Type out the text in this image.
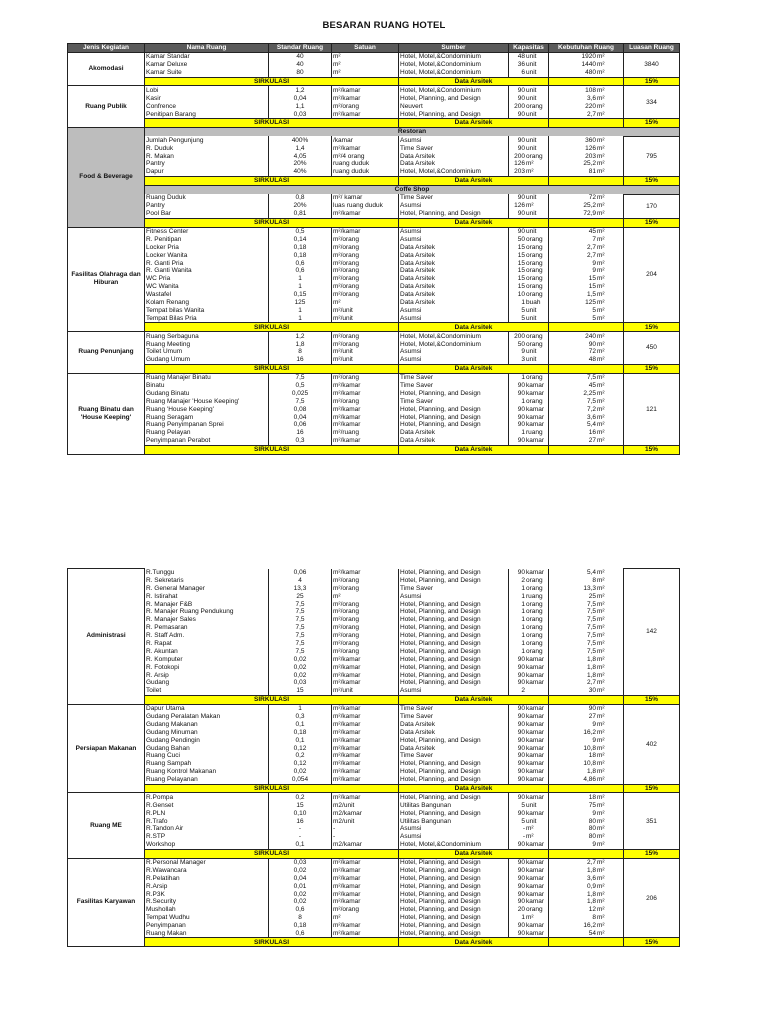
BESARAN RUANG HOTEL
Jenis Kegiatan	Nama Ruang	Standar Ruang	Satuan	Sumber	Kapasitas	Kebutuhan Ruang	Luasan Ruang	
Akomodasi	Kamar Standar	40	m²	Hotel, Motel,&Condominium	48unit	1920m²	3840	
	Kamar Deluxe	40	m²	Hotel, Motel,&Condominium	36unit	1440m²		
	Kamar Suite	80	m²	Hotel, Motel,&Condominium	6unit	480m²		
	SIRKULASI			Data Arsitek			15%	
Ruang Publik	Lobi	1,2	m²/kamar	Hotel, Motel,&Condominium	90unit	108m²	334	
	Kasir	0,04	m²/kamar	Hotel, Planning, and Design	90unit	3,6m²		
	Confrence	1,1	m²/orang	Neuvert	200orang	220m²		
	Penitipan Barang	0,03	m²/kamar	Hotel, Planning, and Design	90unit	2,7m²		
	SIRKULASI			Data Arsitek			15%	
Food & Beverage	Restoran							
	Jumlah Pengunjung	400%	/kamar	Asumsi	90unit	360m²	795	
	R. Duduk	1,4	m²/kamar	Time Saver	90unit	126m²		
	R. Makan	4,05	m²/4 orang	Data Arsitek	200orang	203m²		
	Pantry	20%	ruang duduk	Data Arsitek	126m²	25,2m²		
	Dapur	40%	ruang duduk	Hotel, Motel,&Condominium	203m²	81m²		
	SIRKULASI			Data Arsitek			15%	
	Coffe Shop							
	Ruang Duduk	0,8	m²/ kamar	Time Saver	90unit	72m²	170	
	Pantry	20%	luas ruang duduk	Asumsi	126m²	25,2m²		
	Pool Bar	0,81	m²/kamar	Hotel, Planning, and Design	90unit	72,9m²		
	SIRKULASI			Data Arsitek			15%	
Fasilitas Olahraga dan Hiburan	Fitness Center	0,5	m²/kamar	Asumsi	90unit	45m²	204	
	R. Penitipan	0,14	m²/orang	Asumsi	50orang	7m²		
	Locker Pria	0,18	m²/orang	Data Arsitek	15orang	2,7m²		
	Locker Wanita	0,18	m²/orang	Data Arsitek	15orang	2,7m²		
	R. Ganti Pria	0,6	m²/orang	Data Arsitek	15orang	9m²		
	R. Ganti Wanita	0,6	m²/orang	Data Arsitek	15orang	9m²		
	WC Pria	1	m²/orang	Data Arsitek	15orang	15m²		
	WC Wanita	1	m²/orang	Data Arsitek	15orang	15m²		
	Wastafel	0,15	m²/orang	Data Arsitek	10orang	1,5m²		
	Kolam Renang	125	m²	Data Arsitek	1buah	125m²		
	Tempat bilas Wanita	1	m²/unit	Asumsi	5unit	5m²		
	Tempat Bilas Pria	1	m²/unit	Asumsi	5unit	5m²		
	SIRKULASI			Data Arsitek			15%	
Ruang Penunjang	Ruang Serbaguna	1,2	m²/orang	Hotel, Motel,&Condominium	200orang	240m²	450	
	Ruang Meeting	1,8	m²/orang	Hotel, Motel,&Condominium	50orang	90m²		
	Toilet Umum	8	m²/unit	Asumsi	9unit	72m²		
	Gudang Umum	16	m²/unit	Asumsi	3unit	48m²		
	SIRKULASI			Data Arsitek			15%	
Ruang Binatu dan 'House Keeping'	Ruang Manajer Binatu	7,5	m²/orang	Time Saver	1orang	7,5m²	121	
	Binatu	0,5	m²/kamar	Time Saver	90kamar	45m²		
	Gudang Binatu	0,025	m²/kamar	Hotel, Planning, and Design	90kamar	2,25m²		
	Ruang Manajer 'House Keeping'	7,5	m²/orang	Time Saver	1orang	7,5m²		
	Ruang 'House Keeping'	0,08	m²/kamar	Hotel, Planning, and Design	90kamar	7,2m²		
	Ruang Seragam	0,04	m²/kamar	Hotel, Planning, and Design	90kamar	3,6m²		
	Ruang Penyimpanan Sprei	0,06	m²/kamar	Hotel, Planning, and Design	90kamar	5,4m²		
	Ruang Pelayan	16	m²/ruang	Data Arsitek	1ruang	16m²		
	Penyimpanan Perabot	0,3	m²/kamar	Data Arsitek	90kamar	27m²		
	SIRKULASI			Data Arsitek			15%	
Administrasi	R.Tunggu	0,06	m²/kamar	Hotel, Planning, and Design	90kamar	5,4m²	142	
	R. Sekretaris	4	m²/orang	Hotel, Planning, and Design	2orang	8m²		
	R. General Manager	13,3	m²/orang	Time Saver	1orang	13,3m²		
	R. Istirahat	25	m²	Asumsi	1ruang	25m²		
	R. Manajer F&B	7,5	m²/orang	Hotel, Planning, and Design	1orang	7,5m²		
	R. Manajer Ruang Pendukung	7,5	m²/orang	Hotel, Planning, and Design	1orang	7,5m²		
	R. Manajer Sales	7,5	m²/orang	Hotel, Planning, and Design	1orang	7,5m²		
	R. Pemasaran	7,5	m²/orang	Hotel, Planning, and Design	1orang	7,5m²		
	R. Staff Adm.	7,5	m²/orang	Hotel, Planning, and Design	1orang	7,5m²		
	R. Rapat	7,5	m²/orang	Hotel, Planning, and Design	1orang	7,5m²		
	R. Akuntan	7,5	m²/orang	Hotel, Planning, and Design	1orang	7,5m²		
	R. Komputer	0,02	m²/kamar	Hotel, Planning, and Design	90kamar	1,8m²		
	R. Fotokopi	0,02	m²/kamar	Hotel, Planning, and Design	90kamar	1,8m²		
	R. Arsip	0,02	m²/kamar	Hotel, Planning, and Design	90kamar	1,8m²		
	Gudang	0,03	m²/kamar	Hotel, Planning, and Design	90kamar	2,7m²		
	Toilet	15	m²/unit	Asumsi	2	30m²		
	SIRKULASI			Data Arsitek			15%	
Persiapan Makanan	Dapur Utama	1	m²/kamar	Time Saver	90kamar	90m²	402	
	Gudang Peralatan Makan	0,3	m²/kamar	Time Saver	90kamar	27m²		
	Gudang Makanan	0,1	m²/kamar	Data Arsitek	90kamar	9m²		
	Gudang Minuman	0,18	m²/kamar	Data Arsitek	90kamar	16,2m²		
	Gudang Pendingin	0,1	m²/kamar	Hotel, Planning, and Design	90kamar	9m²		
	Gudang Bahan	0,12	m²/kamar	Data Arsitek	90kamar	10,8m²		
	Ruang Cuci	0,2	m²/kamar	Time Saver	90kamar	18m²		
	Ruang Sampah	0,12	m²/kamar	Hotel, Planning, and Design	90kamar	10,8m²		
	Ruang Kontrol Makanan	0,02	m²/kamar	Hotel, Planning, and Design	90kamar	1,8m²		
	Ruang Pelayanan	0,054	m²/kamar	Hotel, Planning, and Design	90kamar	4,86m²		
	SIRKULASI			Data Arsitek			15%	
Ruang ME	R.Pompa	0,2	m²/kamar	Hotel, Planning, and Design	90kamar	18m²	351	
	R.Genset	15	m2/unit	Utilitas Bangunan	5unit	75m²		
	R.PLN	0,10	m2/kamar	Hotel, Planning, and Design	90kamar	9m²		
	R.Trafo	16	m2/unit	Utilitas Bangunan	5unit	80m²		
	R.Tandon Air	-	-	Asumsi	-m²	80m²		
	R.STP	-	-	Asumsi	-m²	80m²		
	Workshop	0,1	m2/kamar	Hotel, Motel,&Condominium	90kamar	9m²		
	SIRKULASI			Data Arsitek			15%	
Fasilitas Karyawan	R.Personal Manager	0,03	m²/kamar	Hotel, Planning, and Design	90kamar	2,7m²	206	
	R.Wawancara	0,02	m²/kamar	Hotel, Planning, and Design	90kamar	1,8m²		
	R.Pelatihan	0,04	m²/kamar	Hotel, Planning, and Design	90kamar	3,6m²		
	R.Arsip	0,01	m²/kamar	Hotel, Planning, and Design	90kamar	0,9m²		
	R.P3K	0,02	m²/kamar	Hotel, Planning, and Design	90kamar	1,8m²		
	R.Security	0,02	m²/kamar	Hotel, Planning, and Design	90kamar	1,8m²		
	Mushollah	0,6	m²/orang	Hotel, Planning, and Design	20orang	12m²		
	Tempat Wudhu	8	m²	Hotel, Planning, and Design	1m²	8m²		
	Penyimpanan	0,18	m²/kamar	Hotel, Planning, and Design	90kamar	16,2m²		
	Ruang Makan	0,6	m²/kamar	Hotel, Planning, and Design	90kamar	54m²		
	SIRKULASI			Data Arsitek			15%	
